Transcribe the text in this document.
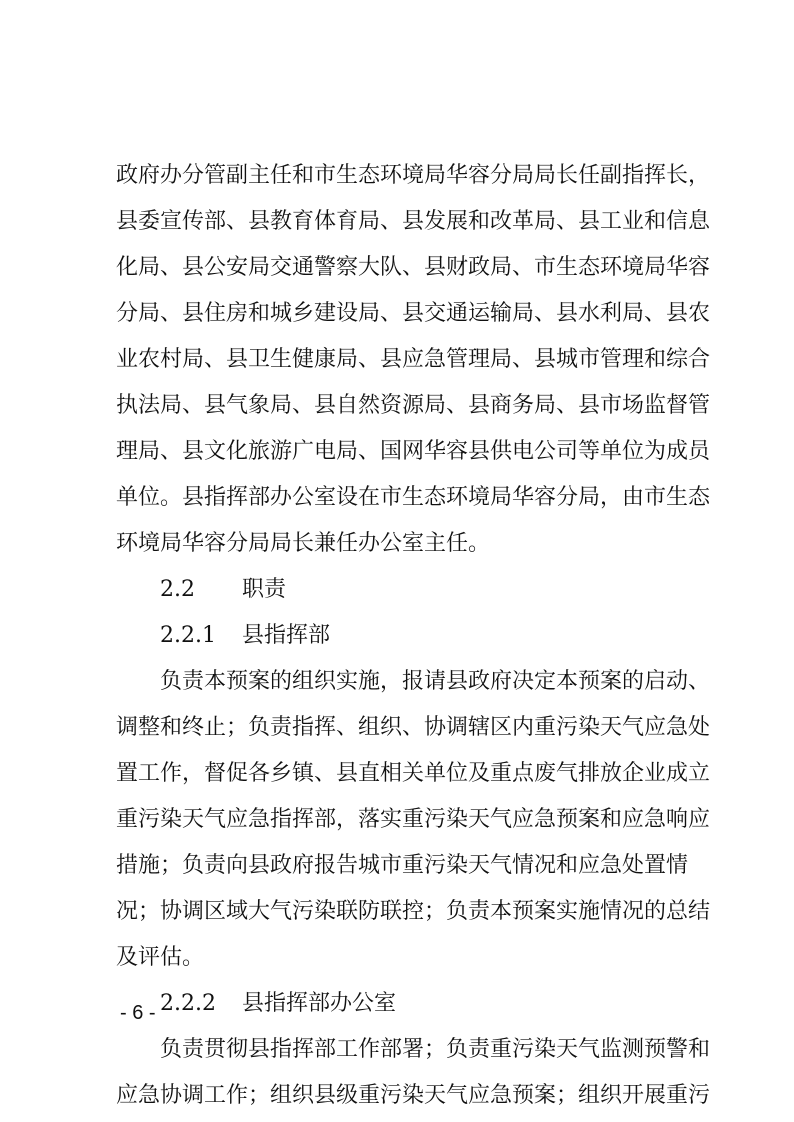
政府办分管副主任和市生态环境局华容分局局长任副指挥长，
县委宣传部、县教育体育局、县发展和改革局、县工业和信息
化局、县公安局交通警察大队、县财政局、市生态环境局华容
分局、县住房和城乡建设局、县交通运输局、县水利局、县农
业农村局、县卫生健康局、县应急管理局、县城市管理和综合
执法局、县气象局、县自然资源局、县商务局、县市场监督管
理局、县文化旅游广电局、国网华容县供电公司等单位为成员
单位。县指挥部办公室设在市生态环境局华容分局，由市生态
环境局华容分局局长兼任办公室主任。
2.2 职责
2.2.1 县指挥部
负责本预案的组织实施，报请县政府决定本预案的启动、
调整和终止；负责指挥、组织、协调辖区内重污染天气应急处
置工作，督促各乡镇、县直相关单位及重点废气排放企业成立
重污染天气应急指挥部，落实重污染天气应急预案和应急响应
措施；负责向县政府报告城市重污染天气情况和应急处置情
况；协调区域大气污染联防联控；负责本预案实施情况的总结
及评估。
2.2.2 县指挥部办公室
负责贯彻县指挥部工作部署；负责重污染天气监测预警和
应急协调工作；组织县级重污染天气应急预案；组织开展重污
- 6 -
